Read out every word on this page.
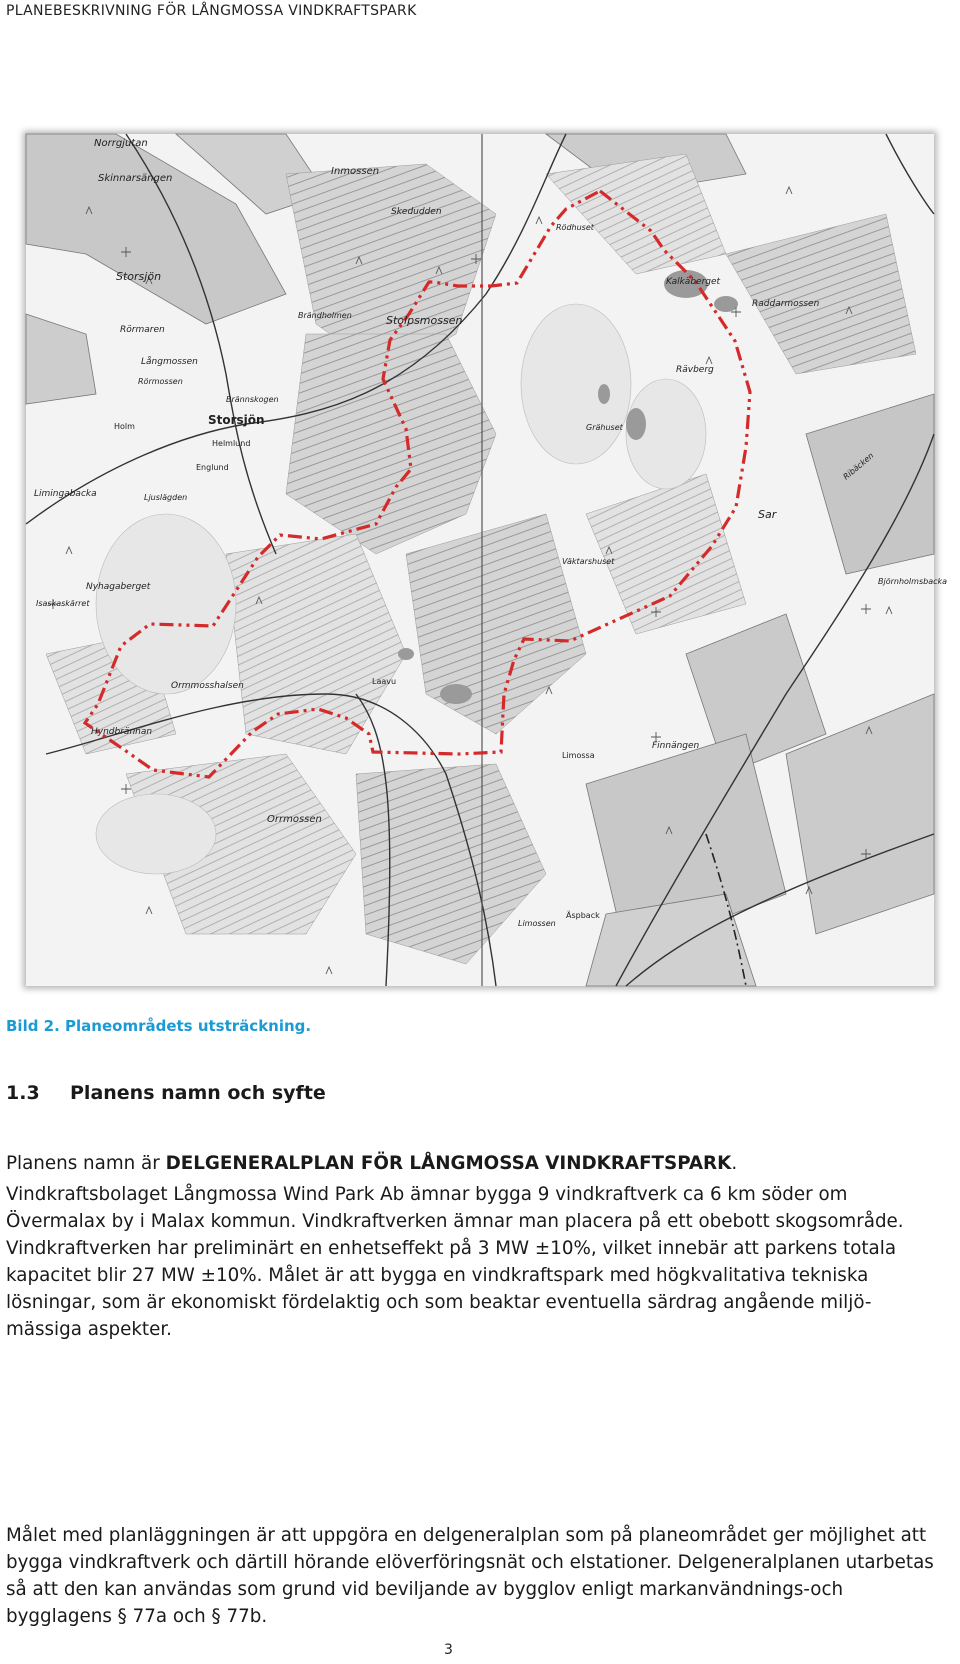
PLANEBESKRIVNING FÖR LÅNGMOSSA VINDKRAFTSPARK
Norrgjutan
Skinnarsängen
Inmossen
Skedudden
Rödhuset
Kalkäberget
Raddarmossen
Storsjön
Stolpsmossen
Brändholmen
Rörmaren
Långmossen
Rörmossen
Brännskogen
Rävberg
Storsjön
Holm
Helmlund
Englund
Grähuset
Limingabacka	Ljuslägden
Sar
Väktarshuset
Nyhagaberget
Isaskaskärret
Laavu
Ormmosshalsen
Hyndbrännan
Limossa
Finnängen
Orrmossen
Äspback
Limossen
Ribäcken
Björnholmsbacka
Bild 2. Planeområdets utsträckning.
1.3 Planens namn och syfte

Planens namn är DELGENERALPLAN FÖR LÅNGMOSSA VINDKRAFTSPARK.

Vindkraftsbolaget Långmossa Wind Park Ab ämnar bygga 9 vindkraftverk ca 6 km söder om Övermalax by i Malax kommun. Vindkraftverken ämnar man placera på ett obebott skogsområde. Vindkraftverken har preliminärt en enhetseffekt på 3 MW ±10%, vilket innebär att parkens totala kapacitet blir 27 MW ±10%. Målet är att bygga en vindkraftspark med högkvalitativa tekniska lösningar, som är ekonomiskt fördelaktig och som beaktar eventuella särdrag angående miljö-mässiga aspekter.

Målet med planläggningen är att uppgöra en delgeneralplan som på planeområdet ger möjlighet att bygga vindkraftverk och därtill hörande elöverföringsnät och elstationer. Delgeneralplanen utarbetas så att den kan användas som grund vid beviljande av bygglov enligt markanvändnings-och bygglagens § 77a och § 77b.

3
